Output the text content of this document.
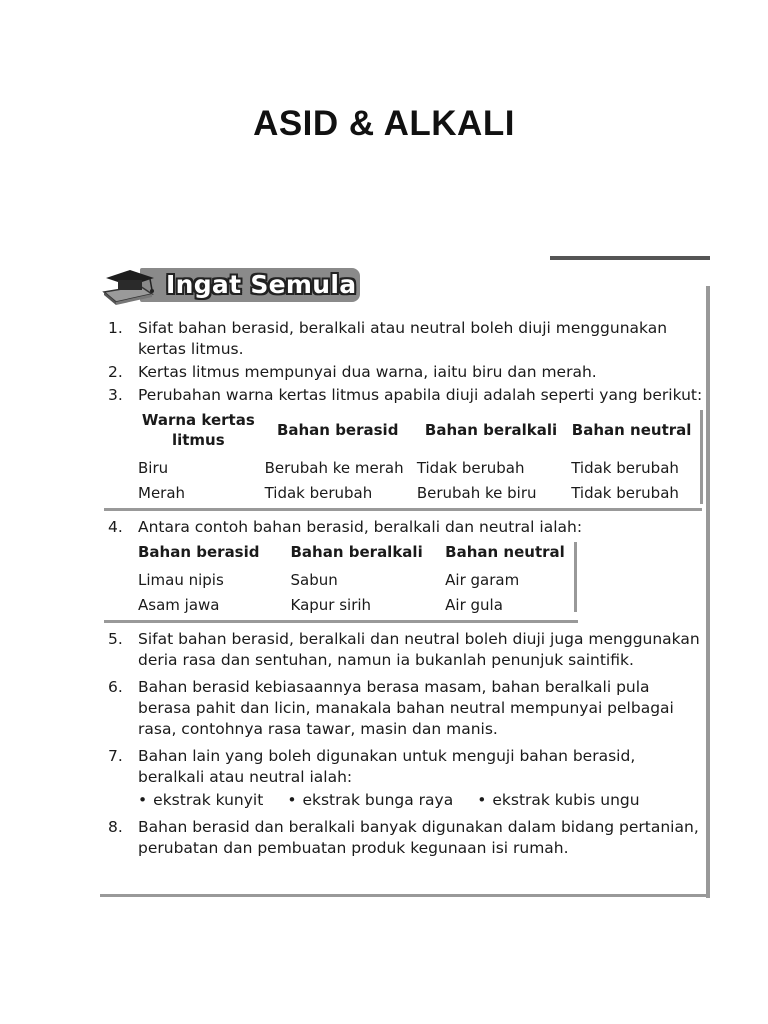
ASID & ALKALI
Ingat Semula
1. Sifat bahan berasid, beralkali atau neutral boleh diuji menggunakan kertas litmus.
2. Kertas litmus mempunyai dua warna, iaitu biru dan merah.
3. Perubahan warna kertas litmus apabila diuji adalah seperti yang berikut:
Warna kertas litmus	Bahan berasid	Bahan beralkali	Bahan neutral
Biru	Berubah ke merah	Tidak berubah	Tidak berubah
Merah	Tidak berubah	Berubah ke biru	Tidak berubah
4. Antara contoh bahan berasid, beralkali dan neutral ialah:
Bahan berasid	Bahan beralkali	Bahan neutral
Limau nipis	Sabun	Air garam
Asam jawa	Kapur sirih	Air gula
5. Sifat bahan berasid, beralkali dan neutral boleh diuji juga menggunakan deria rasa dan sentuhan, namun ia bukanlah penunjuk saintifik.
6. Bahan berasid kebiasaannya berasa masam, bahan beralkali pula berasa pahit dan licin, manakala bahan neutral mempunyai pelbagai rasa, contohnya rasa tawar, masin dan manis.
7. Bahan lain yang boleh digunakan untuk menguji bahan berasid, beralkali atau neutral ialah:
• ekstrak kunyit • ekstrak bunga raya • ekstrak kubis ungu
8. Bahan berasid dan beralkali banyak digunakan dalam bidang pertanian, perubatan dan pembuatan produk kegunaan isi rumah.
